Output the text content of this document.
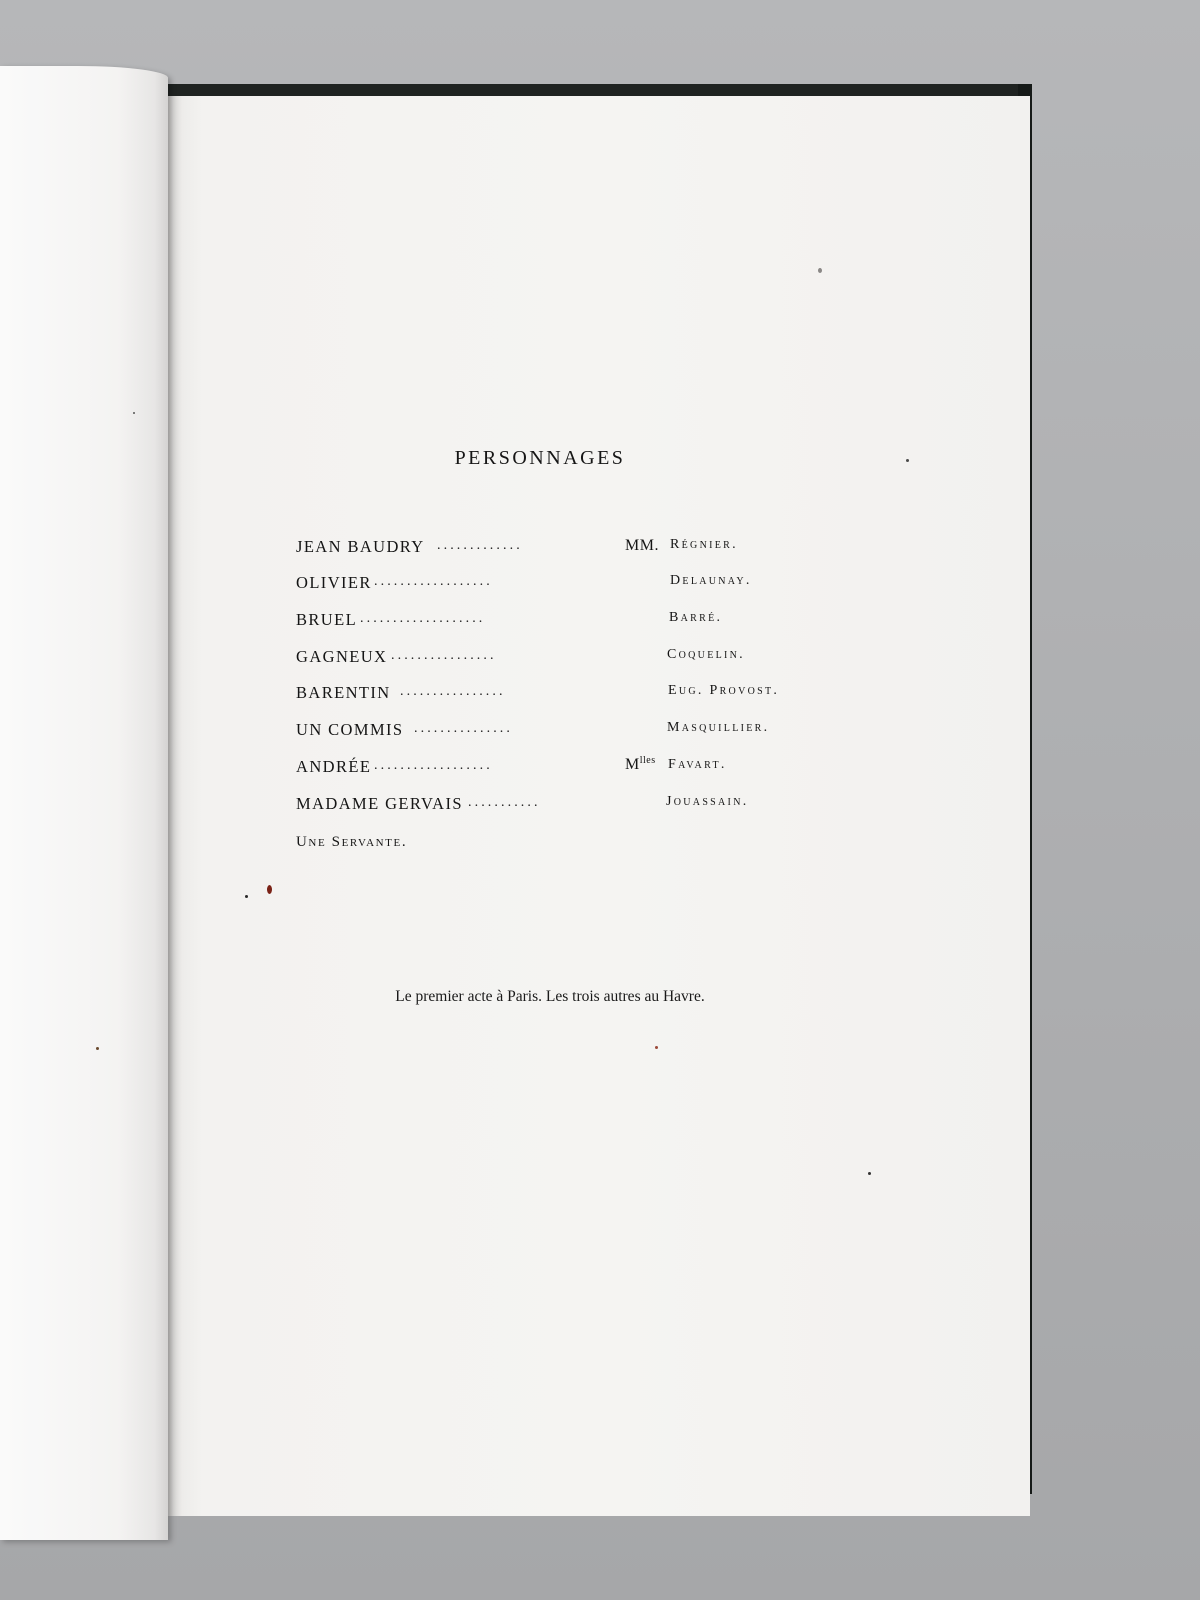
PERSONNAGES
JEAN BAUDRY .............	MM. Régnier.
OLIVIER ..................	Delaunay.
BRUEL ...................	Barré.
GAGNEUX ................	Coquelin.
BARENTIN ................	Eug. Provost.
UN COMMIS ...............	Masquillier.
ANDRÉE ..................	$M^{lles}$ Favart.
MADAME GERVAIS ...........	Jouassain.
Une Servante.
Le premier acte à Paris. Les trois autres au Havre.
